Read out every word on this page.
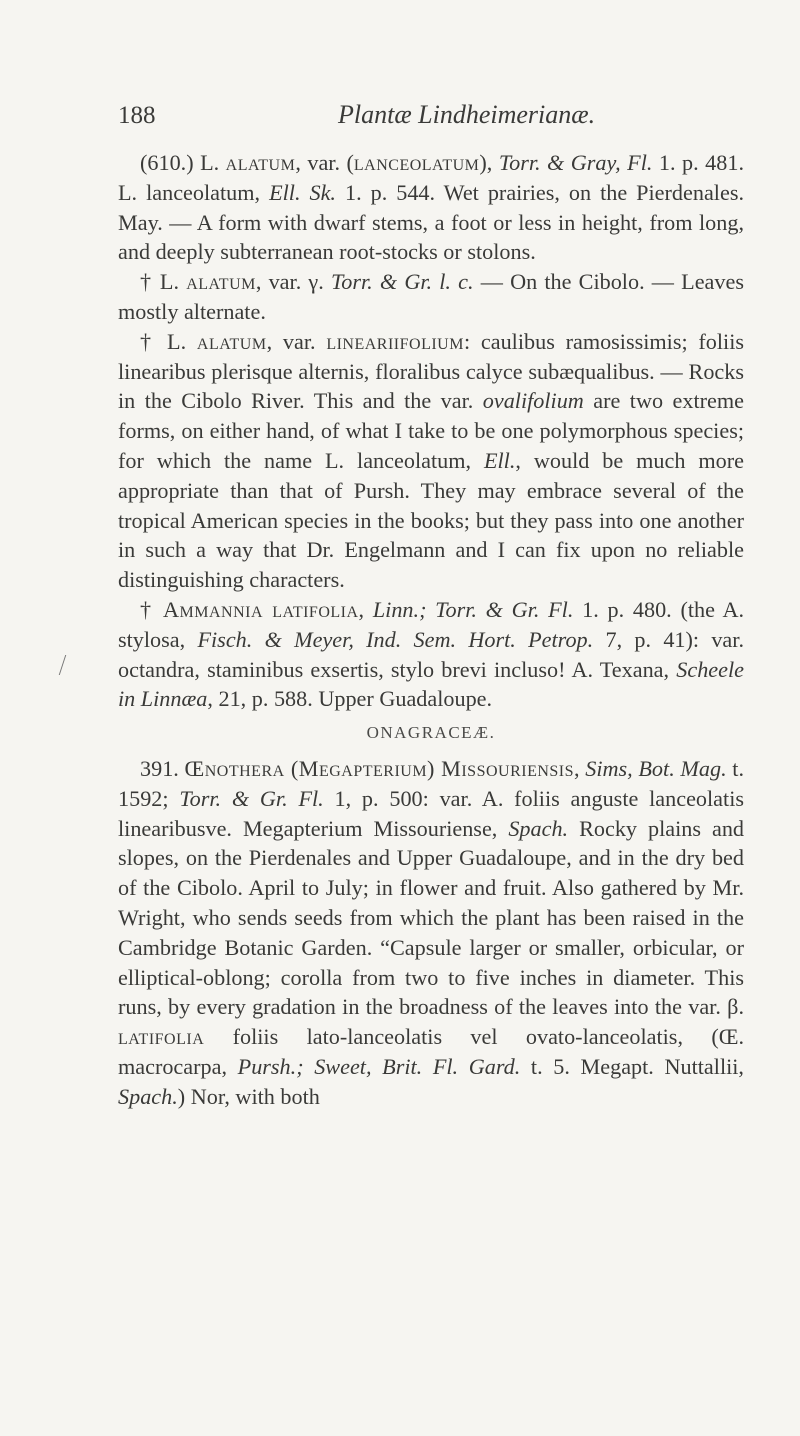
188	Plantæ Lindheimerianæ.

(610.) L. alatum, var. (lanceolatum), Torr. & Gray, Fl. 1. p. 481. L. lanceolatum, Ell. Sk. 1. p. 544. Wet prairies, on the Pierdenales. May. — A form with dwarf stems, a foot or less in height, from long, and deeply subterranean root-stocks or stolons.

† L. alatum, var. γ. Torr. & Gr. l. c. — On the Cibolo. — Leaves mostly alternate.

† L. alatum, var. lineariifolium: caulibus ramosissimis; foliis linearibus plerisque alternis, floralibus calyce subæqualibus. — Rocks in the Cibolo River. This and the var. ovalifolium are two extreme forms, on either hand, of what I take to be one polymorphous species; for which the name L. lanceolatum, Ell., would be much more appropriate than that of Pursh. They may embrace several of the tropical American species in the books; but they pass into one another in such a way that Dr. Engelmann and I can fix upon no reliable distinguishing characters.

† Ammannia latifolia, Linn.; Torr. & Gr. Fl. 1. p. 480. (the A. stylosa, Fisch. & Meyer, Ind. Sem. Hort. Petrop. 7, p. 41): var. octandra, staminibus exsertis, stylo brevi incluso! A. Texana, Scheele in Linnæa, 21, p. 588. Upper Guadaloupe.

ONAGRACEÆ.

391. Œnothera (Megapterium) Missouriensis, Sims, Bot. Mag. t. 1592; Torr. & Gr. Fl. 1, p. 500: var. A. foliis anguste lanceolatis linearibusve. Megapterium Missouriense, Spach. Rocky plains and slopes, on the Pierdenales and Upper Guadaloupe, and in the dry bed of the Cibolo. April to July; in flower and fruit. Also gathered by Mr. Wright, who sends seeds from which the plant has been raised in the Cambridge Botanic Garden. “Capsule larger or smaller, orbicular, or elliptical-oblong; corolla from two to five inches in diameter. This runs, by every gradation in the broadness of the leaves into the var. β. latifolia foliis lato-lanceolatis vel ovato-lanceolatis, (Œ. macrocarpa, Pursh.; Sweet, Brit. Fl. Gard. t. 5. Megapt. Nuttallii, Spach.) Nor, with both
